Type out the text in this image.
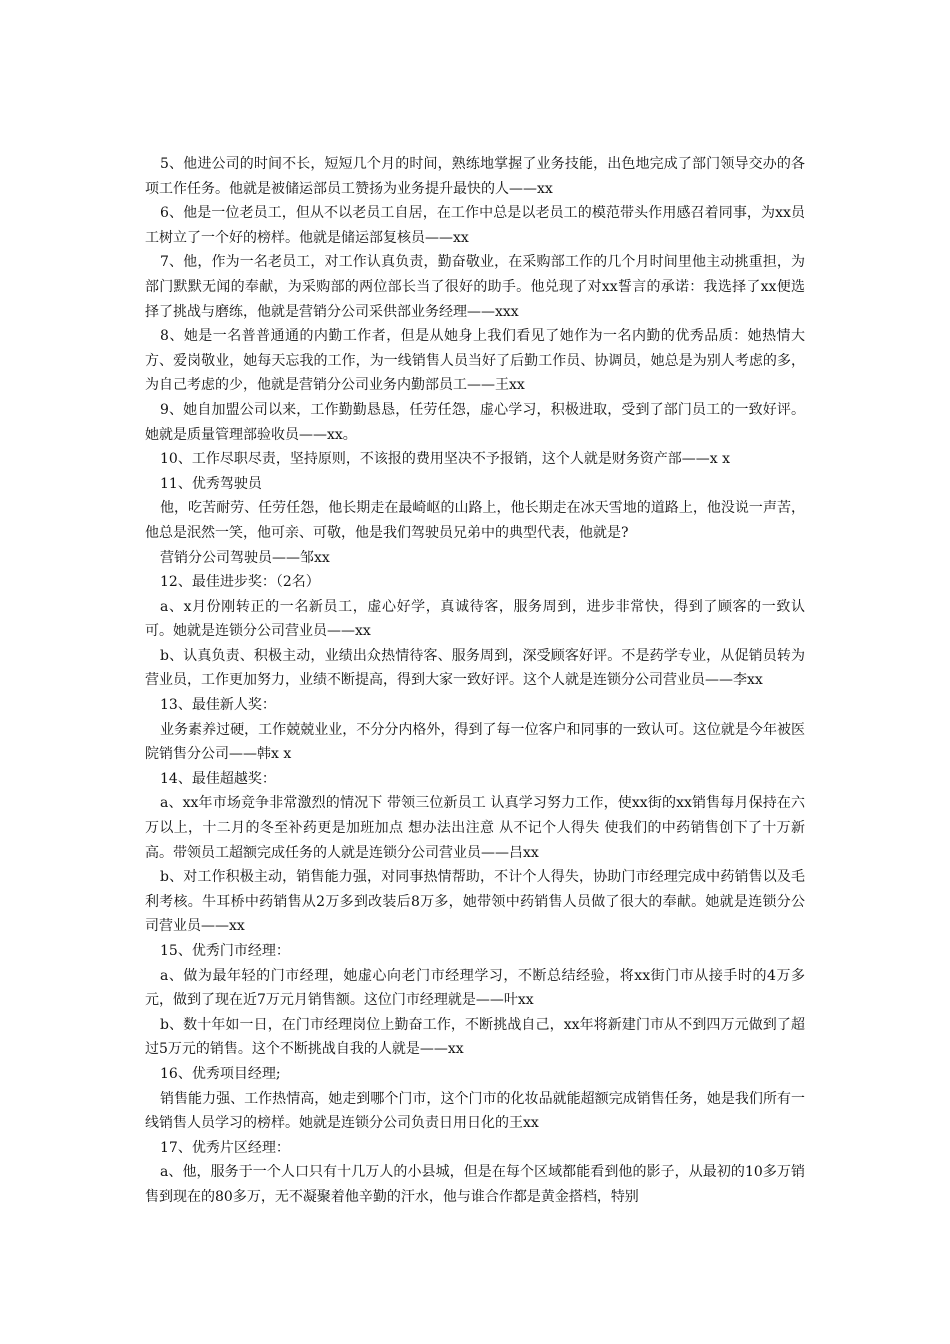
5、他进公司的时间不长，短短几个月的时间，熟练地掌握了业务技能，出色地完成了部门领导交办的各项工作任务。他就是被储运部员工赞扬为业务提升最快的人——xx

6、他是一位老员工，但从不以老员工自居，在工作中总是以老员工的模范带头作用感召着同事，为xx员工树立了一个好的榜样。他就是储运部复核员——xx

7、他，作为一名老员工，对工作认真负责，勤奋敬业，在采购部工作的几个月时间里他主动挑重担，为部门默默无闻的奉献，为采购部的两位部长当了很好的助手。他兑现了对xx誓言的承诺：我选择了xx便选择了挑战与磨练，他就是营销分公司采供部业务经理——xxx

8、她是一名普普通通的内勤工作者，但是从她身上我们看见了她作为一名内勤的优秀品质：她热情大方、爱岗敬业，她每天忘我的工作，为一线销售人员当好了后勤工作员、协调员，她总是为别人考虑的多，为自己考虑的少，他就是营销分公司业务内勤部员工——王xx

9、她自加盟公司以来，工作勤勤恳恳，任劳任怨，虚心学习，积极进取，受到了部门员工的一致好评。她就是质量管理部验收员——xx。

10、工作尽职尽责，坚持原则，不该报的费用坚决不予报销，这个人就是财务资产部——x x

11、优秀驾驶员

他，吃苦耐劳、任劳任怨，他长期走在最崎岖的山路上，他长期走在冰天雪地的道路上，他没说一声苦，他总是泯然一笑，他可亲、可敬，他是我们驾驶员兄弟中的典型代表，他就是?

营销分公司驾驶员——邹xx

12、最佳进步奖：（2名）

a、x月份刚转正的一名新员工，虚心好学，真诚待客，服务周到，进步非常快，得到了顾客的一致认可。她就是连锁分公司营业员——xx

b、认真负责、积极主动，业绩出众热情待客、服务周到，深受顾客好评。不是药学专业，从促销员转为营业员，工作更加努力，业绩不断提高，得到大家一致好评。这个人就是连锁分公司营业员——李xx

13、最佳新人奖：

业务素养过硬，工作兢兢业业，不分分内格外，得到了每一位客户和同事的一致认可。这位就是今年被医院销售分公司——韩x x

14、最佳超越奖：

a、xx年市场竞争非常激烈的情况下 带领三位新员工 认真学习努力工作，使xx街的xx销售每月保持在六万以上，十二月的冬至补药更是加班加点 想办法出注意 从不记个人得失 使我们的中药销售创下了十万新高。带领员工超额完成任务的人就是连锁分公司营业员——吕xx

b、对工作积极主动，销售能力强，对同事热情帮助，不计个人得失，协助门市经理完成中药销售以及毛利考核。牛耳桥中药销售从2万多到改装后8万多，她带领中药销售人员做了很大的奉献。她就是连锁分公司营业员——xx

15、优秀门市经理：

a、做为最年轻的门市经理，她虚心向老门市经理学习，不断总结经验，将xx街门市从接手时的4万多元，做到了现在近7万元月销售额。这位门市经理就是——叶xx

b、数十年如一日，在门市经理岗位上勤奋工作，不断挑战自己，xx年将新建门市从不到四万元做到了超过5万元的销售。这个不断挑战自我的人就是——xx

16、优秀项目经理;

销售能力强、工作热情高，她走到哪个门市，这个门市的化妆品就能超额完成销售任务，她是我们所有一线销售人员学习的榜样。她就是连锁分公司负责日用日化的王xx

17、优秀片区经理：

a、他，服务于一个人口只有十几万人的小县城，但是在每个区域都能看到他的影子，从最初的10多万销售到现在的80多万，无不凝聚着他辛勤的汗水，他与谁合作都是黄金搭档，特别
